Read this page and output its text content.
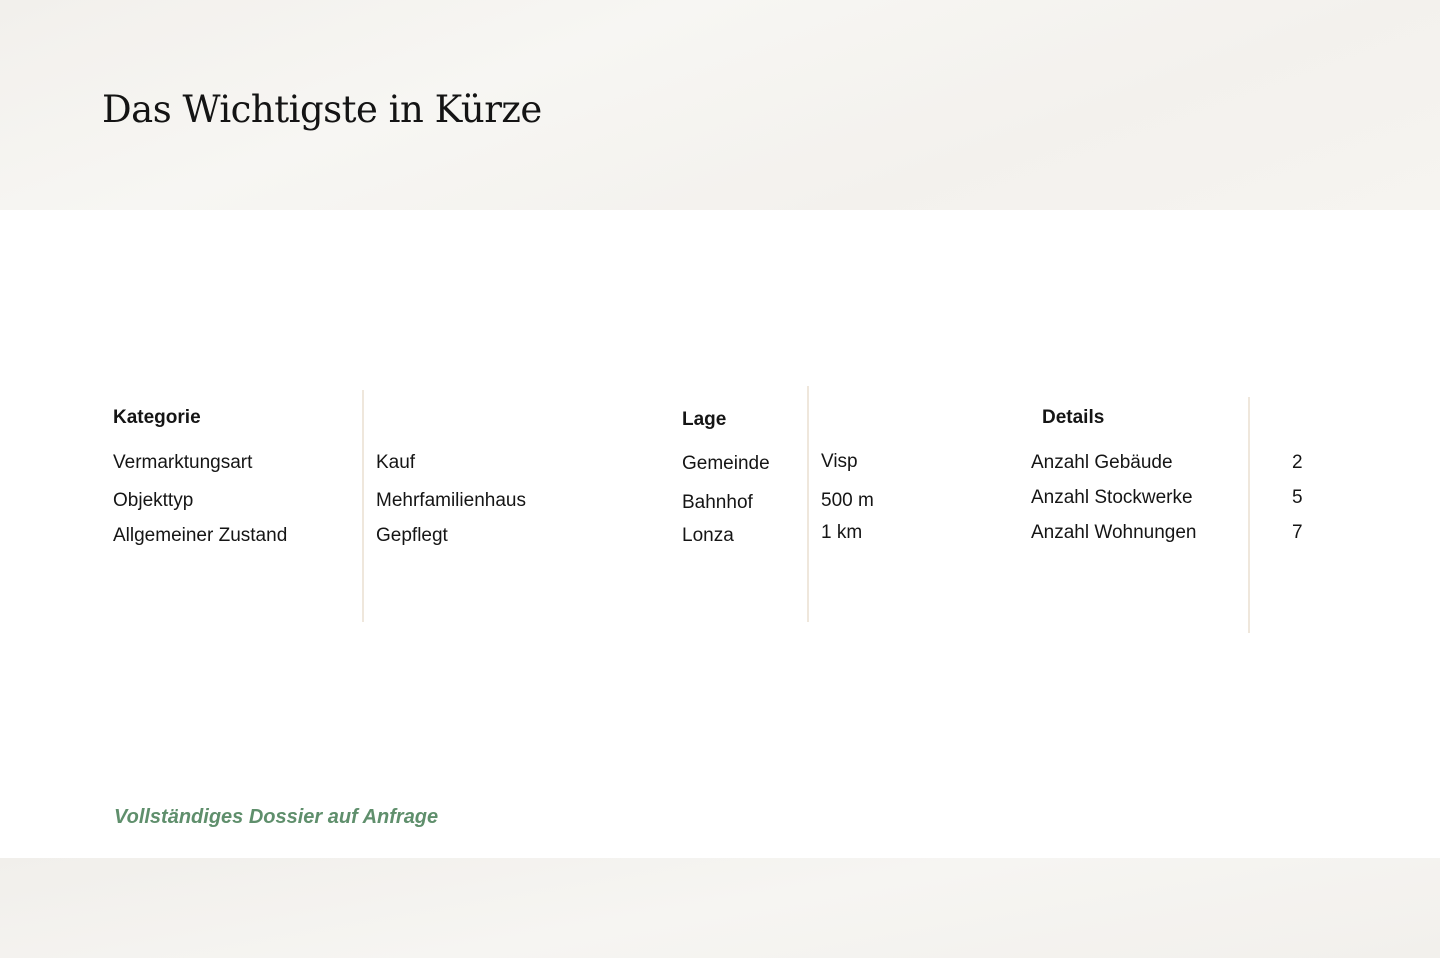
Das Wichtigste in Kürze
Kategorie
Vermarktungsart	Kauf
Objekttyp	Mehrfamilienhaus
Allgemeiner Zustand	Gepflegt
Lage
Gemeinde	Visp
Bahnhof	500 m
Lonza	1 km
Details
Anzahl Gebäude	2
Anzahl Stockwerke	5
Anzahl Wohnungen	7
Vollständiges Dossier auf Anfrage
